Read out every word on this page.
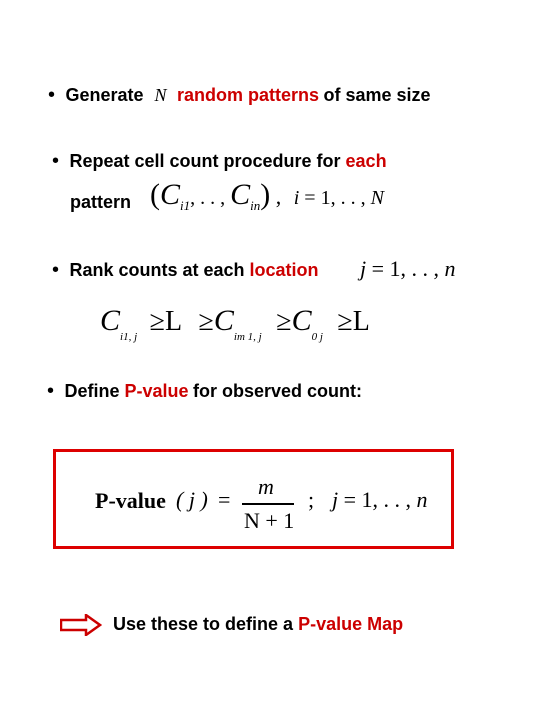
• Generate N random patterns of same size
• Repeat cell count procedure for each
pattern ($C_{i1}$, . . , $C_{in}$) , i = 1, . . , N
• Rank counts at each location j = 1, . . , n
$C_{i1, j} \ge L \ge C_{im 1, j} \ge C_{0 j} \ge L$
• Define P-value for observed count:
P-value ( j ) =
m
N + 1
; j = 1, . . , n
Use these to define a P-value Map
